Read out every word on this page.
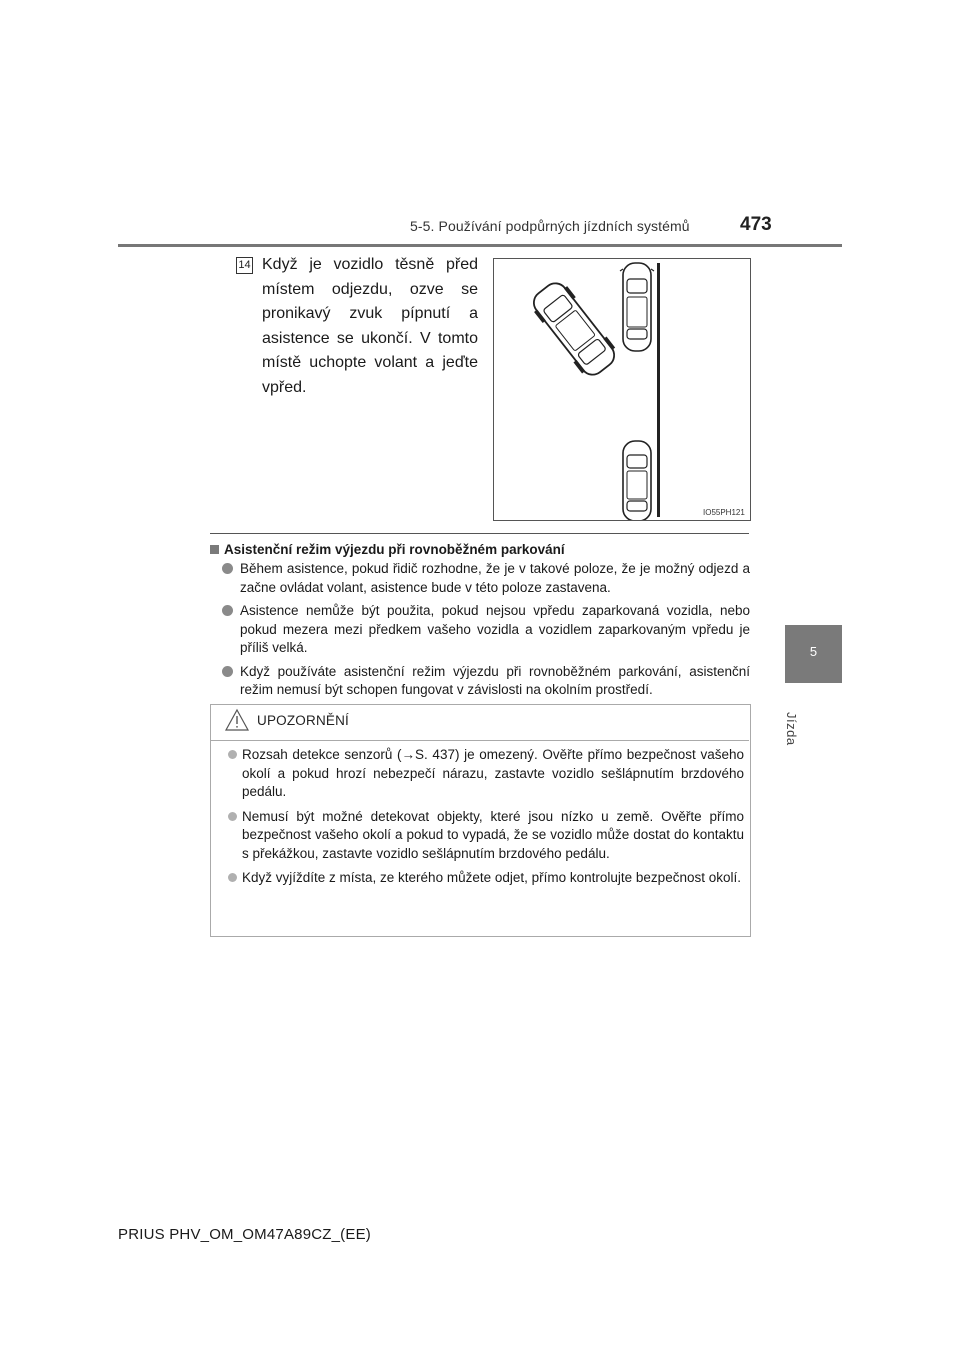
5-5. Používání podpůrných jízdních systémů	473
5
Jízda
14 Když je vozidlo těsně před místem odjezdu, ozve se pronikavý zvuk pípnutí a asistence se ukončí. V tomto místě uchopte volant a jeďte vpřed.
IO55PH121
Asistenční režim výjezdu při rovnoběžném parkování
Během asistence, pokud řidič rozhodne, že je v takové poloze, že je možný odjezd a začne ovládat volant, asistence bude v této poloze zastavena.
Asistence nemůže být použita, pokud nejsou vpředu zaparkovaná vozidla, nebo pokud mezera mezi předkem vašeho vozidla a vozidlem zaparkovaným vpředu je příliš velká.
Když používáte asistenční režim výjezdu při rovnoběžném parkování, asistenční režim nemusí být schopen fungovat v závislosti na okolním prostředí.
UPOZORNĚNÍ
Rozsah detekce senzorů (→S. 437) je omezený. Ověřte přímo bezpečnost vašeho okolí a pokud hrozí nebezpečí nárazu, zastavte vozidlo sešlápnutím brzdového pedálu.
Nemusí být možné detekovat objekty, které jsou nízko u země. Ověřte přímo bezpečnost vašeho okolí a pokud to vypadá, že se vozidlo může dostat do kontaktu s překážkou, zastavte vozidlo sešlápnutím brzdového pedálu.
Když vyjíždíte z místa, ze kterého můžete odjet, přímo kontrolujte bezpečnost okolí.
PRIUS PHV_OM_OM47A89CZ_(EE)
